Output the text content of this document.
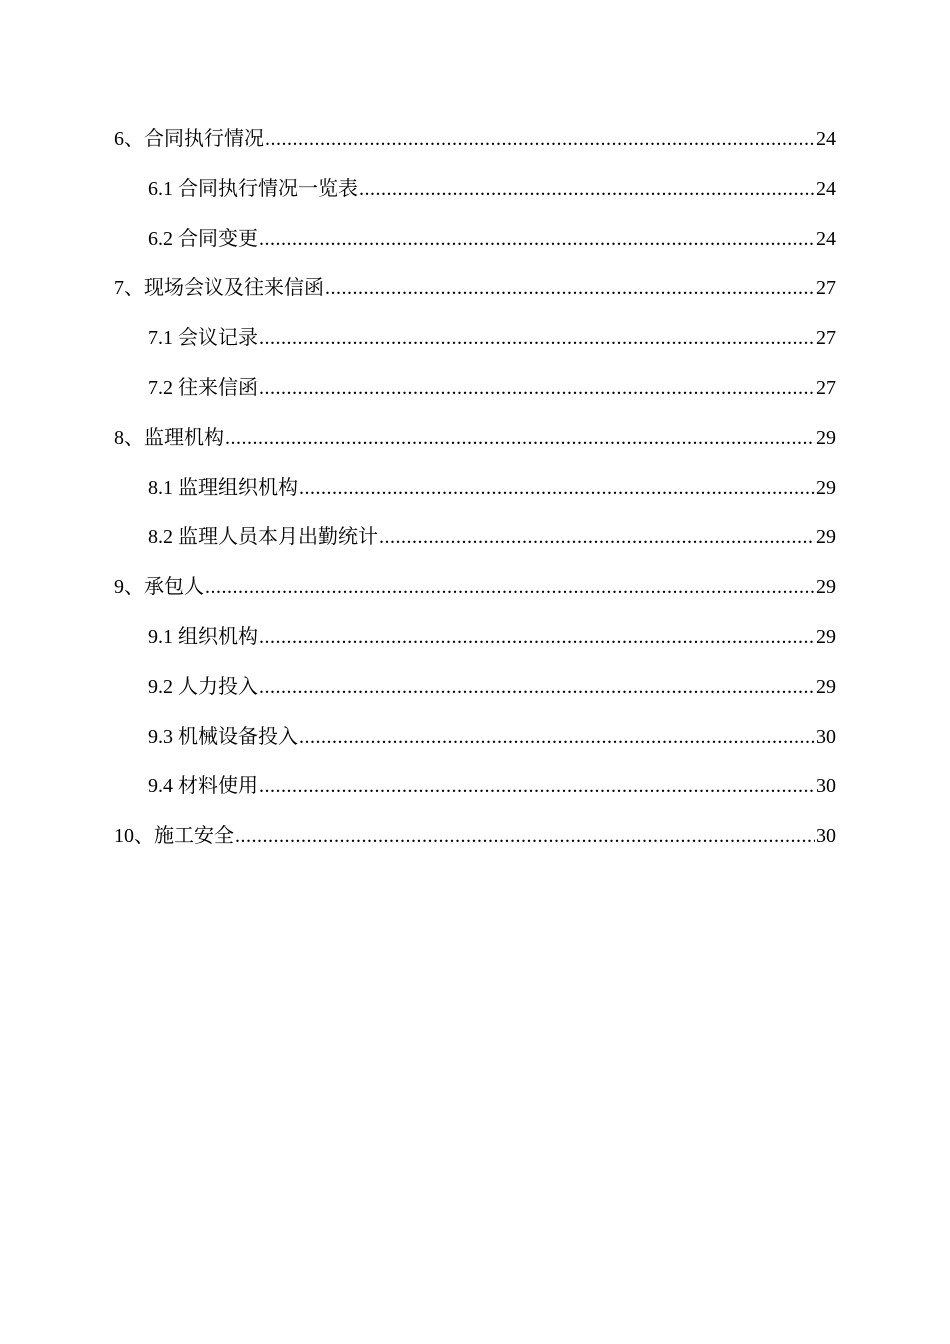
6、合同执行情况 .....	24
6.1 合同执行情况一览表 .....	24
6.2 合同变更 .....	24
7、现场会议及往来信函 .....	27
7.1 会议记录 .....	27
7.2 往来信函 .....	27
8、监理机构 .....	29
8.1 监理组织机构 .....	29
8.2 监理人员本月出勤统计 .....	29
9、承包人 .....	29
9.1 组织机构 .....	29
9.2 人力投入 .....	29
9.3 机械设备投入 .....	30
9.4 材料使用 .....	30
10、施工安全 .....	30
